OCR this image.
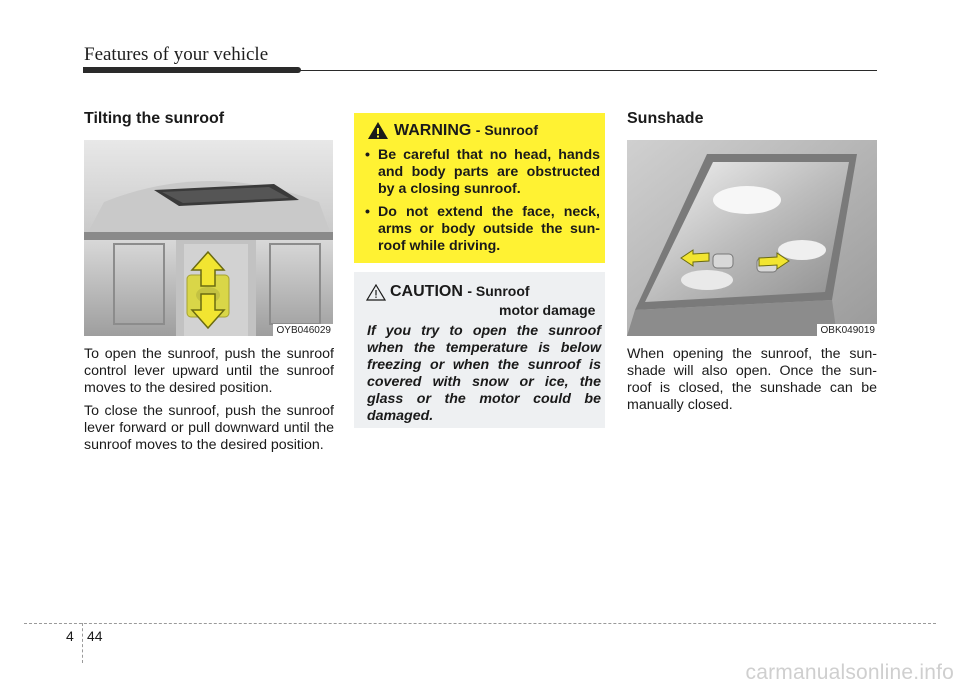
Features of your vehicle
Tilting the sunroof
OYB046029

To open the sunroof, push the sunroof control lever upward until the sunroof moves to the desired position.

To close the sunroof, push the sunroof lever forward or pull downward until the sunroof moves to the desired position.

WARNING - Sunroof
• Be careful that no head, hands and body parts are obstructed by a closing sunroof.
• Do not extend the face, neck, arms or body outside the sun- roof while driving.
CAUTION - Sunroof
motor damage
If you try to open the sunroof when the temperature is below freezing or when the sunroof is covered with snow or ice, the glass or the motor could be damaged.
Sunshade
OBK049019

When opening the sunroof, the sun- shade will also open. Once the sun- roof is closed, the sunshade can be manually closed.

4 44
carmanualsonline.info
